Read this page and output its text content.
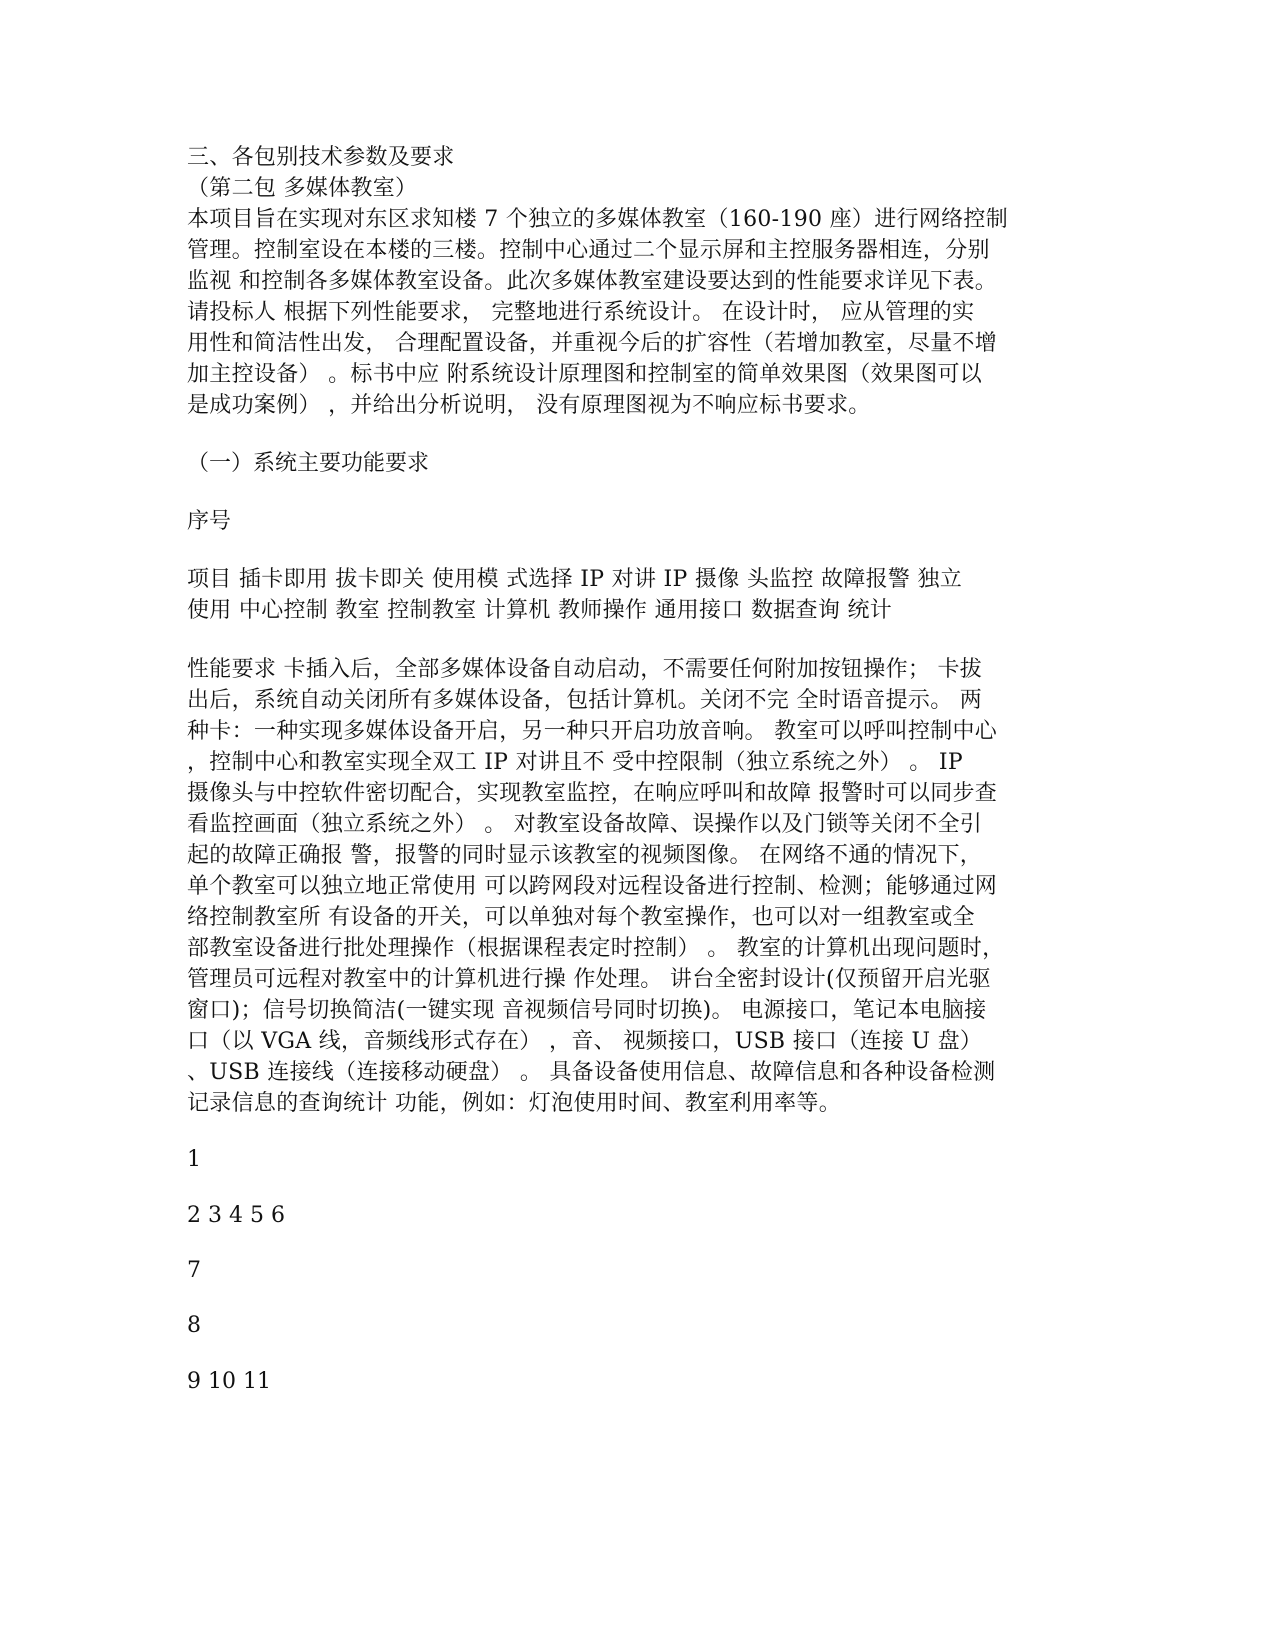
三、各包别技术参数及要求
（第二包 多媒体教室）
本项目旨在实现对东区求知楼 7 个独立的多媒体教室（160-190 座）进行网络控制
管理。控制室设在本楼的三楼。控制中心通过二个显示屏和主控服务器相连，分别
监视 和控制各多媒体教室设备。此次多媒体教室建设要达到的性能要求详见下表。
请投标人 根据下列性能要求， 完整地进行系统设计。 在设计时， 应从管理的实
用性和简洁性出发， 合理配置设备，并重视今后的扩容性（若增加教室，尽量不增
加主控设备） 。标书中应 附系统设计原理图和控制室的简单效果图（效果图可以
是成功案例） ，并给出分析说明， 没有原理图视为不响应标书要求。
（一）系统主要功能要求
序号
项目 插卡即用 拔卡即关 使用模 式选择 IP 对讲 IP 摄像 头监控 故障报警 独立
使用 中心控制 教室 控制教室 计算机 教师操作 通用接口 数据查询 统计
性能要求 卡插入后，全部多媒体设备自动启动，不需要任何附加按钮操作； 卡拔
出后，系统自动关闭所有多媒体设备，包括计算机。关闭不完 全时语音提示。 两
种卡：一种实现多媒体设备开启，另一种只开启功放音响。 教室可以呼叫控制中心
，控制中心和教室实现全双工 IP 对讲且不 受中控限制（独立系统之外） 。 IP
摄像头与中控软件密切配合，实现教室监控，在响应呼叫和故障 报警时可以同步查
看监控画面（独立系统之外） 。 对教室设备故障、误操作以及门锁等关闭不全引
起的故障正确报 警，报警的同时显示该教室的视频图像。 在网络不通的情况下，
单个教室可以独立地正常使用 可以跨网段对远程设备进行控制、检测；能够通过网
络控制教室所 有设备的开关，可以单独对每个教室操作，也可以对一组教室或全
部教室设备进行批处理操作（根据课程表定时控制） 。 教室的计算机出现问题时，
管理员可远程对教室中的计算机进行操 作处理。 讲台全密封设计(仅预留开启光驱
窗口)；信号切换简洁(一键实现 音视频信号同时切换)。 电源接口，笔记本电脑接
口（以 VGA 线，音频线形式存在） ，音、 视频接口，USB 接口（连接 U 盘）
、USB 连接线（连接移动硬盘） 。 具备设备使用信息、故障信息和各种设备检测
记录信息的查询统计 功能，例如：灯泡使用时间、教室利用率等。
1
2 3 4 5 6
7
8
9 10 11
